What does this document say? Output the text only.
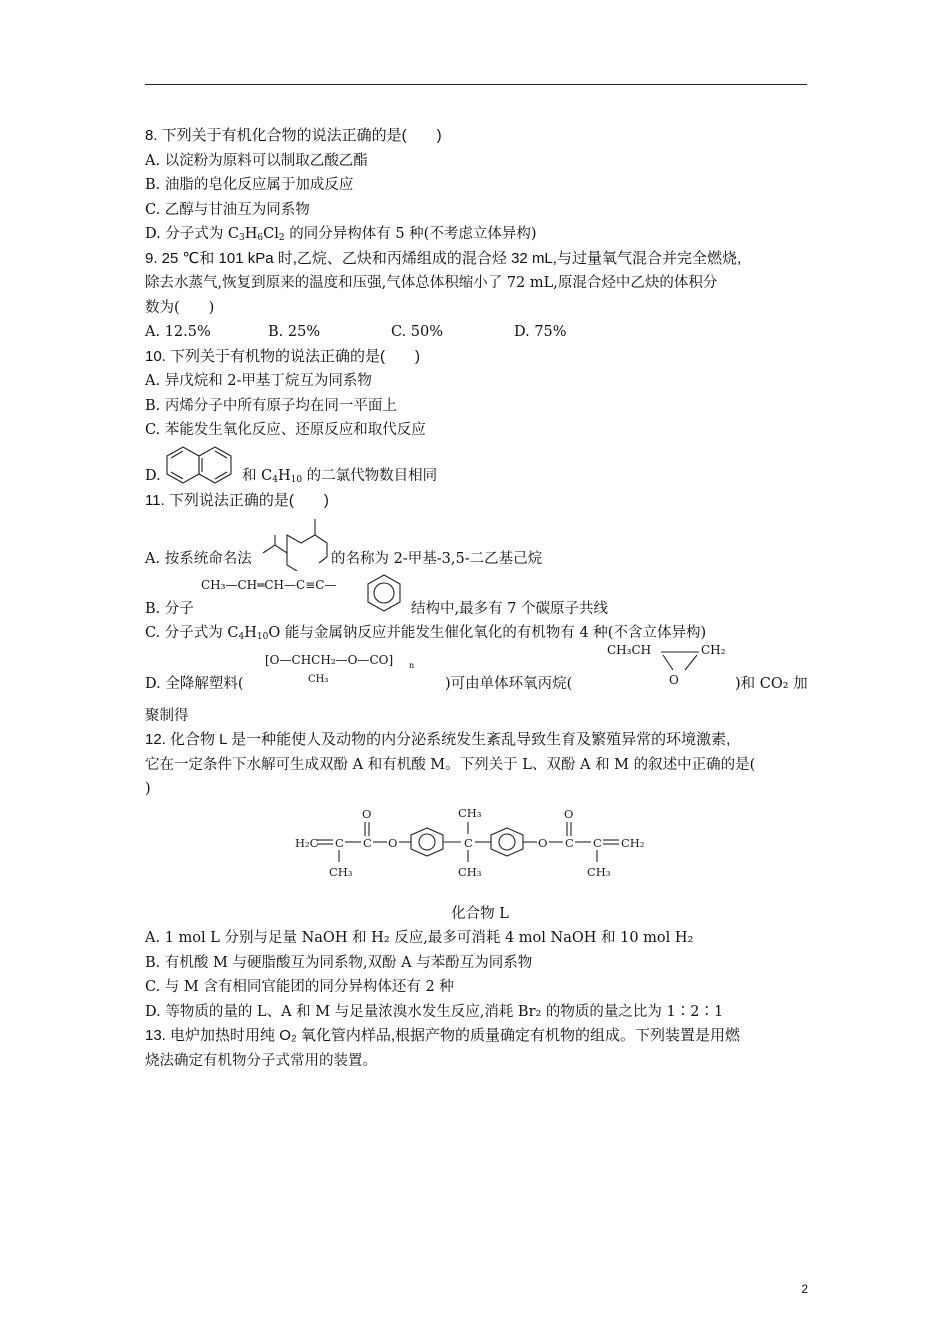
8. 下列关于有机化合物的说法正确的是(　　)
A. 以淀粉为原料可以制取乙酸乙酯
B. 油脂的皂化反应属于加成反应
C. 乙醇与甘油互为同系物
D. 分子式为 $C_3H_6Cl_2$ 的同分异构体有 5 种(不考虑立体异构)
9. 25 ℃和 101 kPa 时,乙烷、乙炔和丙烯组成的混合烃 32 mL,与过量氧气混合并完全燃烧,
除去水蒸气,恢复到原来的温度和压强,气体总体积缩小了 72 mL,原混合烃中乙炔的体积分
数为(　　)
A. 12.5%	B. 25%	C. 50%	D. 75%
10. 下列关于有机物的说法正确的是(　　)
A. 异戊烷和 2-甲基丁烷互为同系物
B. 丙烯分子中所有原子均在同一平面上
C. 苯能发生氧化反应、还原反应和取代反应
D.	和 $C_4H_{10}$ 的二氯代物数目相同
11. 下列说法正确的是(　　)
A. 按系统命名法	的名称为 2-甲基-3,5-二乙基己烷
B. 分子
CH₃—CH═CH—C≡C—
结构中,最多有 7 个碳原子共线
C. 分子式为 $C_4H_{10}O$ 能与金属钠反应并能发生催化氧化的有机物有 4 种(不含立体异构)
[O—CHCH₂—O—CO] n
CH₃
D. 全降解塑料(	)可由单体环氧丙烷(
CH₃CH	CH₂
O	)和 CO₂ 加
聚制得
12. 化合物 L 是一种能使人及动物的内分泌系统发生紊乱导致生育及繁殖异常的环境激素,
它在一定条件下水解可生成双酚 A 和有机酸 M。下列关于 L、双酚 A 和 M 的叙述中正确的是(
)
H₂C C
CH₃
C
O
O	C
CH₃
CH₃
O C
O
C
CH₃
CH₂
化合物 L
A. 1 mol L 分别与足量 NaOH 和 H₂ 反应,最多可消耗 4 mol NaOH 和 10 mol H₂
B. 有机酸 M 与硬脂酸互为同系物,双酚 A 与苯酚互为同系物
C. 与 M 含有相同官能团的同分异构体还有 2 种
D. 等物质的量的 L、A 和 M 与足量浓溴水发生反应,消耗 Br₂ 的物质的量之比为 1∶2∶1
13. 电炉加热时用纯 O₂ 氧化管内样品,根据产物的质量确定有机物的组成。下列装置是用燃
烧法确定有机物分子式常用的装置。
2
